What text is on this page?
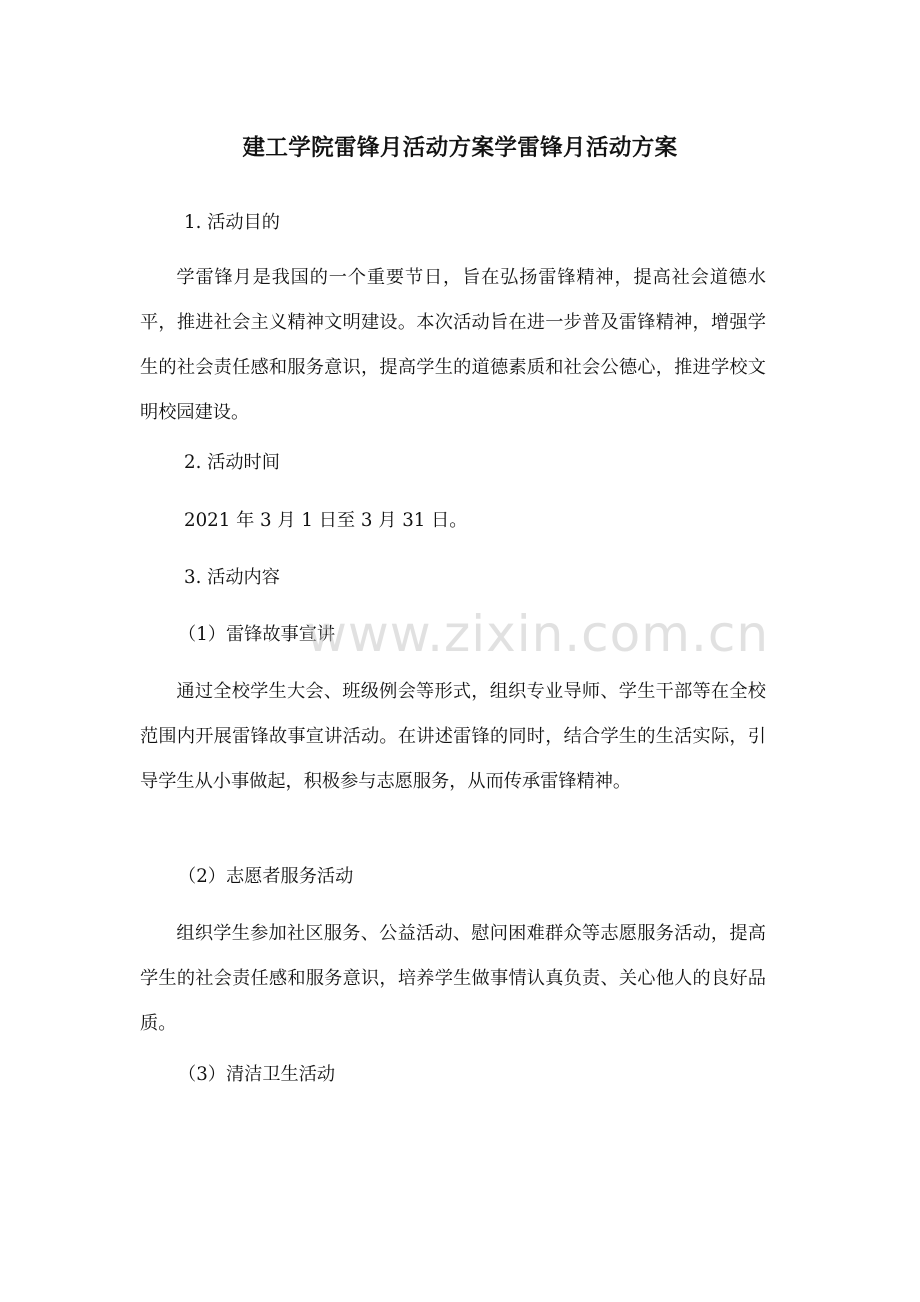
建工学院雷锋月活动方案学雷锋月活动方案
1. 活动目的
学雷锋月是我国的一个重要节日，旨在弘扬雷锋精神，提高社会道德水平，推进社会主义精神文明建设。本次活动旨在进一步普及雷锋精神，增强学生的社会责任感和服务意识，提高学生的道德素质和社会公德心，推进学校文明校园建设。
2. 活动时间
2021 年 3 月 1 日至 3 月 31 日。
3. 活动内容
（1）雷锋故事宣讲
通过全校学生大会、班级例会等形式，组织专业导师、学生干部等在全校范围内开展雷锋故事宣讲活动。在讲述雷锋的同时，结合学生的生活实际，引导学生从小事做起，积极参与志愿服务，从而传承雷锋精神。
（2）志愿者服务活动
组织学生参加社区服务、公益活动、慰问困难群众等志愿服务活动，提高学生的社会责任感和服务意识，培养学生做事情认真负责、关心他人的良好品质。
（3）清洁卫生活动
www.zixin.com.cn
